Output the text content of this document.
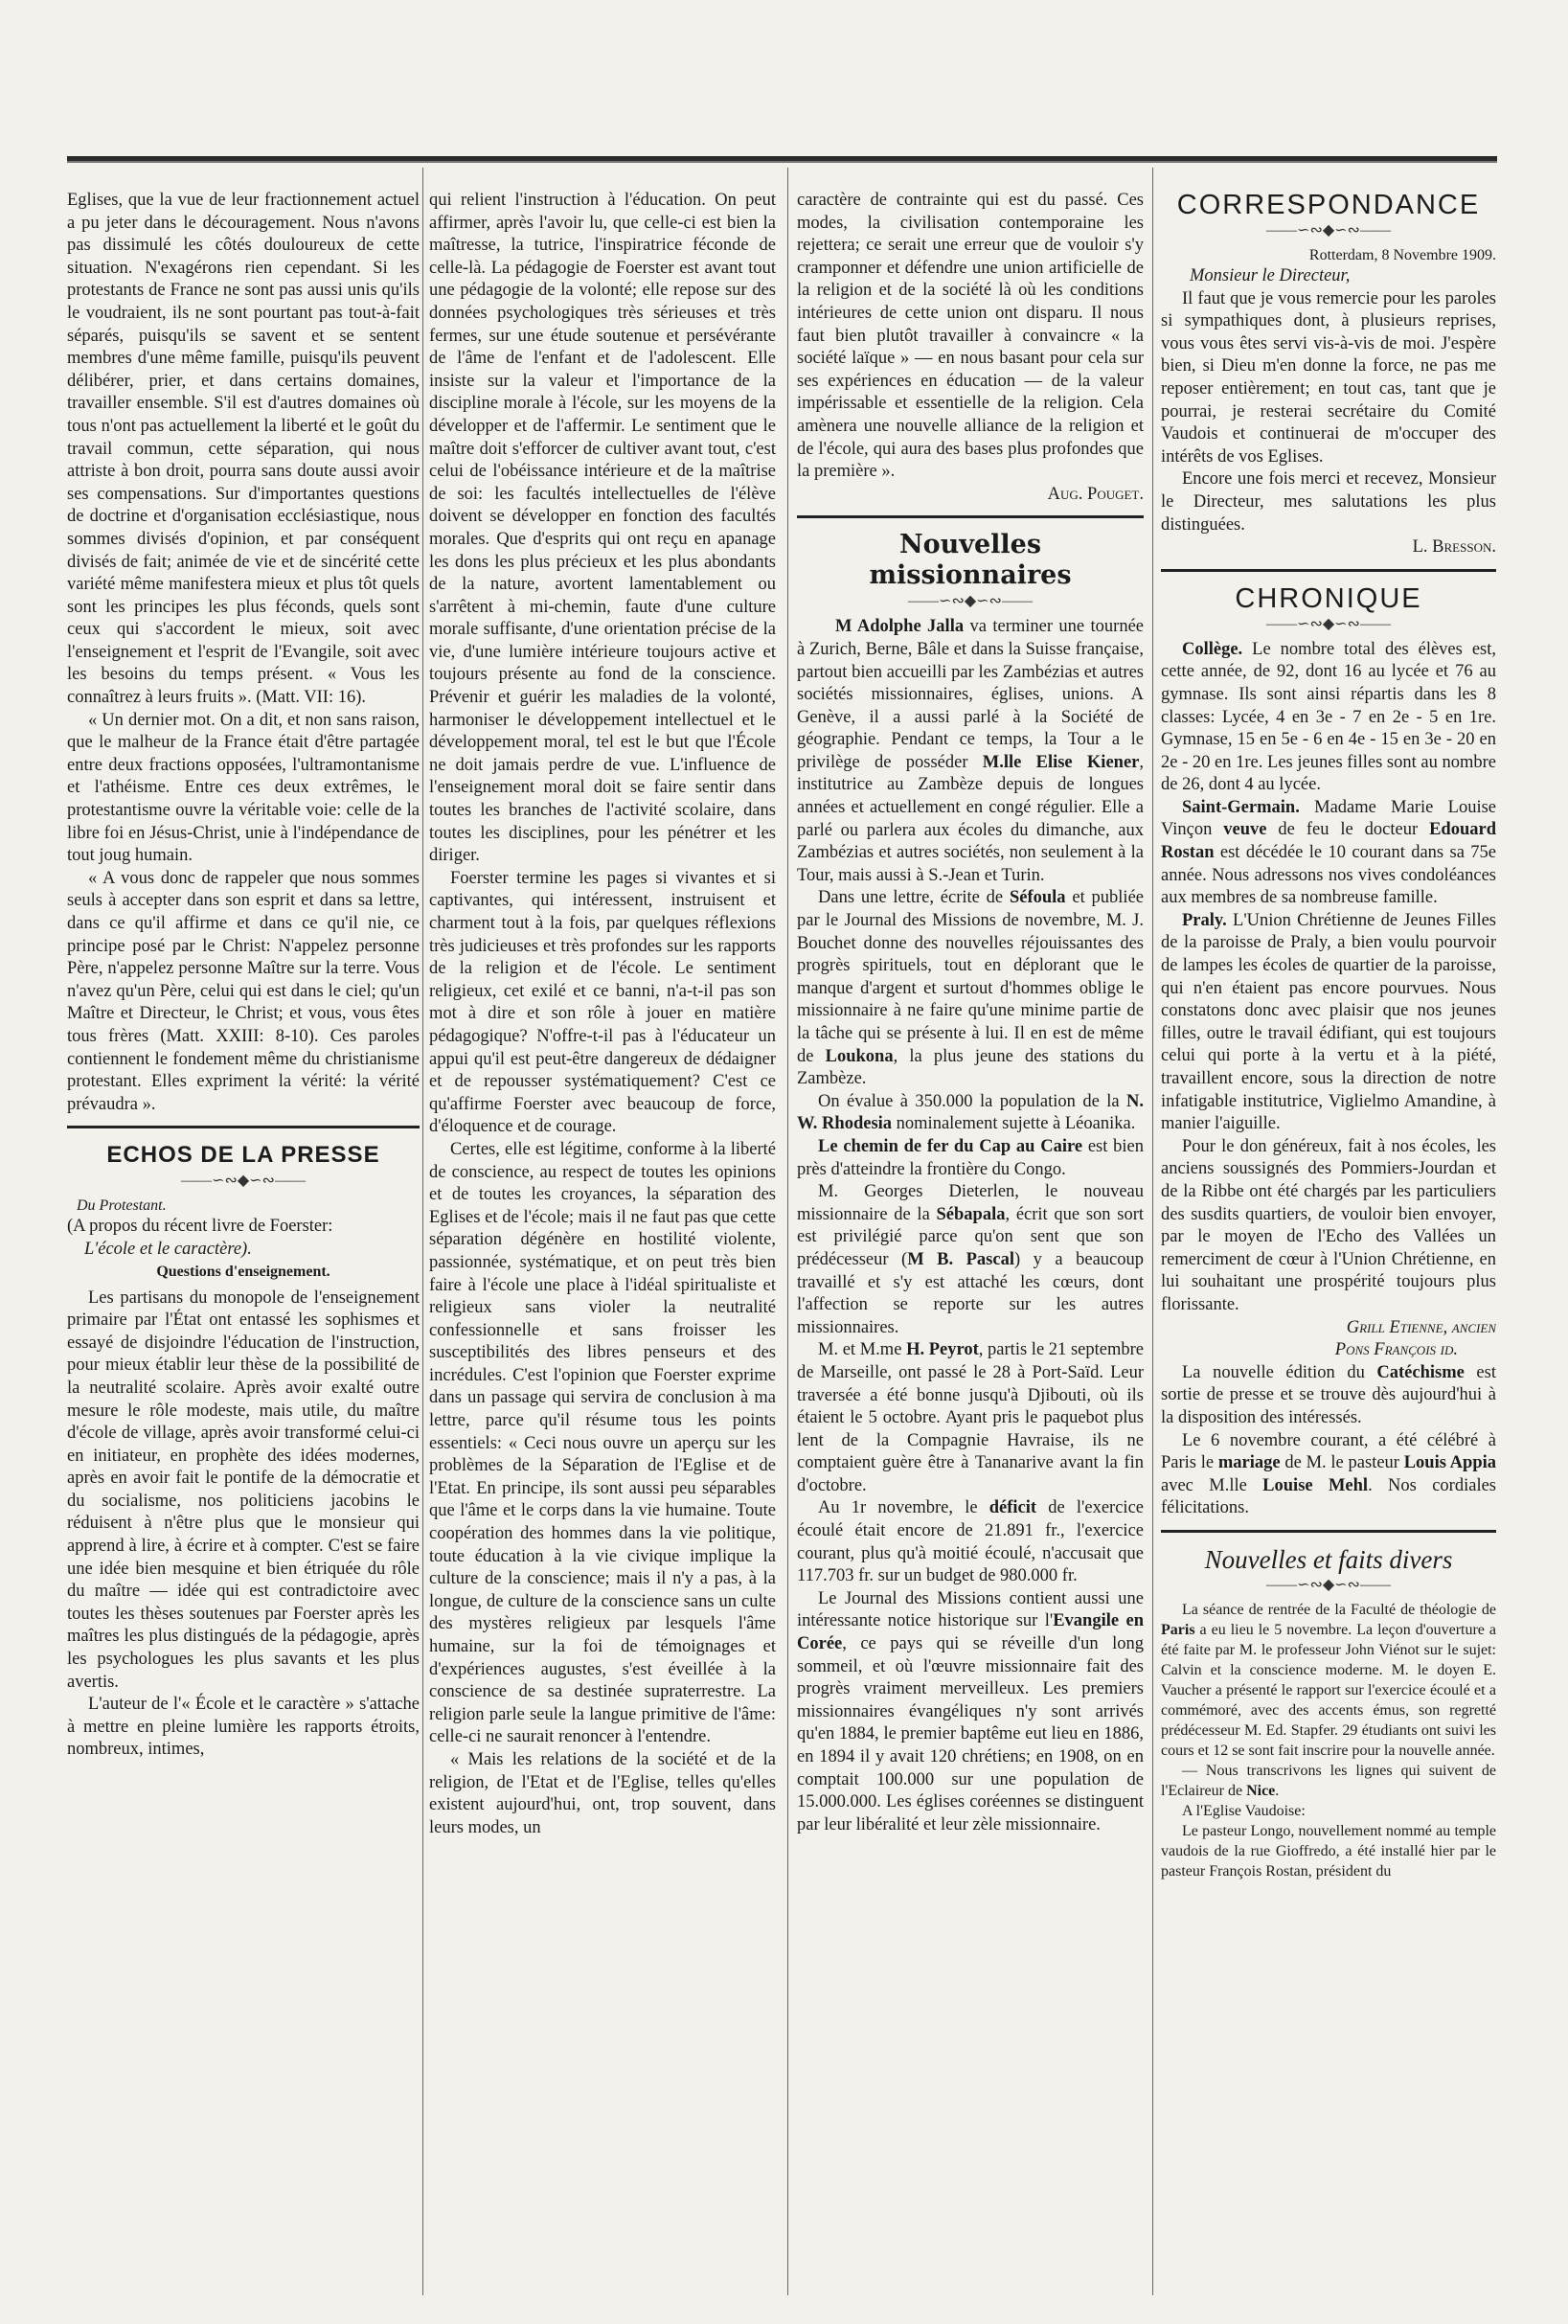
Eglises, que la vue de leur fractionnement actuel a pu jeter dans le découragement. Nous n'avons pas dissimulé les côtés douloureux de cette situation. N'exagérons rien cependant. Si les protestants de France ne sont pas aussi unis qu'ils le voudraient, ils ne sont pourtant pas tout-à-fait séparés, puisqu'ils se savent et se sentent membres d'une même famille, puisqu'ils peuvent délibérer, prier, et dans certains domaines, travailler ensemble. S'il est d'autres domaines où tous n'ont pas actuellement la liberté et le goût du travail commun, cette séparation, qui nous attriste à bon droit, pourra sans doute aussi avoir ses compensations. Sur d'importantes questions de doctrine et d'organisation ecclésiastique, nous sommes divisés d'opinion, et par conséquent divisés de fait; animée de vie et de sincérité cette variété même manifestera mieux et plus tôt quels sont les principes les plus féconds, quels sont ceux qui s'accordent le mieux, soit avec l'enseignement et l'esprit de l'Evangile, soit avec les besoins du temps présent. « Vous les connaîtrez à leurs fruits ». (Matt. VII: 16).

« Un dernier mot. On a dit, et non sans raison, que le malheur de la France était d'être partagée entre deux fractions opposées, l'ultramontanisme et l'athéisme. Entre ces deux extrêmes, le protestantisme ouvre la véritable voie: celle de la libre foi en Jésus-Christ, unie à l'indépendance de tout joug humain.

« A vous donc de rappeler que nous sommes seuls à accepter dans son esprit et dans sa lettre, dans ce qu'il affirme et dans ce qu'il nie, ce principe posé par le Christ: N'appelez personne Père, n'appelez personne Maître sur la terre. Vous n'avez qu'un Père, celui qui est dans le ciel; qu'un Maître et Directeur, le Christ; et vous, vous êtes tous frères (Matt. XXIII: 8-10). Ces paroles contiennent le fondement même du christianisme protestant. Elles expriment la vérité: la vérité prévaudra ».

ECHOS DE LA PRESSE
——∽∾◆∽∾——

Du Protestant.

(A propos du récent livre de Foerster:

L'école et le caractère).

Questions d'enseignement.

Les partisans du monopole de l'enseignement primaire par l'État ont entassé les sophismes et essayé de disjoindre l'éducation de l'instruction, pour mieux établir leur thèse de la possibilité de la neutralité scolaire. Après avoir exalté outre mesure le rôle modeste, mais utile, du maître d'école de village, après avoir transformé celui-ci en initiateur, en prophète des idées modernes, après en avoir fait le pontife de la démocratie et du socialisme, nos politiciens jacobins le réduisent à n'être plus que le monsieur qui apprend à lire, à écrire et à compter. C'est se faire une idée bien mesquine et bien étriquée du rôle du maître — idée qui est contradictoire avec toutes les thèses soutenues par Foerster après les maîtres les plus distingués de la pédagogie, après les psychologues les plus savants et les plus avertis.

L'auteur de l'« École et le caractère » s'attache à mettre en pleine lumière les rapports étroits, nombreux, intimes,

qui relient l'instruction à l'éducation. On peut affirmer, après l'avoir lu, que celle-ci est bien la maîtresse, la tutrice, l'inspiratrice féconde de celle-là. La pédagogie de Foerster est avant tout une pédagogie de la volonté; elle repose sur des données psychologiques très sérieuses et très fermes, sur une étude soutenue et persévérante de l'âme de l'enfant et de l'adolescent. Elle insiste sur la valeur et l'importance de la discipline morale à l'école, sur les moyens de la développer et de l'affermir. Le sentiment que le maître doit s'efforcer de cultiver avant tout, c'est celui de l'obéissance intérieure et de la maîtrise de soi: les facultés intellectuelles de l'élève doivent se développer en fonction des facultés morales. Que d'esprits qui ont reçu en apanage les dons les plus précieux et les plus abondants de la nature, avortent lamentablement ou s'arrêtent à mi-chemin, faute d'une culture morale suffisante, d'une orientation précise de la vie, d'une lumière intérieure toujours active et toujours présente au fond de la conscience. Prévenir et guérir les maladies de la volonté, harmoniser le développement intellectuel et le développement moral, tel est le but que l'École ne doit jamais perdre de vue. L'influence de l'enseignement moral doit se faire sentir dans toutes les branches de l'activité scolaire, dans toutes les disciplines, pour les pénétrer et les diriger.

Foerster termine les pages si vivantes et si captivantes, qui intéressent, instruisent et charment tout à la fois, par quelques réflexions très judicieuses et très profondes sur les rapports de la religion et de l'école. Le sentiment religieux, cet exilé et ce banni, n'a-t-il pas son mot à dire et son rôle à jouer en matière pédagogique? N'offre-t-il pas à l'éducateur un appui qu'il est peut-être dangereux de dédaigner et de repousser systématiquement? C'est ce qu'affirme Foerster avec beaucoup de force, d'éloquence et de courage.

Certes, elle est légitime, conforme à la liberté de conscience, au respect de toutes les opinions et de toutes les croyances, la séparation des Eglises et de l'école; mais il ne faut pas que cette séparation dégénère en hostilité violente, passionnée, systématique, et on peut très bien faire à l'école une place à l'idéal spiritualiste et religieux sans violer la neutralité confessionnelle et sans froisser les susceptibilités des libres penseurs et des incrédules. C'est l'opinion que Foerster exprime dans un passage qui servira de conclusion à ma lettre, parce qu'il résume tous les points essentiels: « Ceci nous ouvre un aperçu sur les problèmes de la Séparation de l'Eglise et de l'Etat. En principe, ils sont aussi peu séparables que l'âme et le corps dans la vie humaine. Toute coopération des hommes dans la vie politique, toute éducation à la vie civique implique la culture de la conscience; mais il n'y a pas, à la longue, de culture de la conscience sans un culte des mystères religieux par lesquels l'âme humaine, sur la foi de témoignages et d'expériences augustes, s'est éveillée à la conscience de sa destinée supraterrestre. La religion parle seule la langue primitive de l'âme: celle-ci ne saurait renoncer à l'entendre.

« Mais les relations de la société et de la religion, de l'Etat et de l'Eglise, telles qu'elles existent aujourd'hui, ont, trop souvent, dans leurs modes, un

caractère de contrainte qui est du passé. Ces modes, la civilisation contemporaine les rejettera; ce serait une erreur que de vouloir s'y cramponner et défendre une union artificielle de la religion et de la société là où les conditions intérieures de cette union ont disparu. Il nous faut bien plutôt travailler à convaincre « la société laïque » — en nous basant pour cela sur ses expériences en éducation — de la valeur impérissable et essentielle de la religion. Cela amènera une nouvelle alliance de la religion et de l'école, qui aura des bases plus profondes que la première ».

Aug. Pouget.

Nouvelles missionnaires
——∽∾◆∽∾——

M Adolphe Jalla va terminer une tournée à Zurich, Berne, Bâle et dans la Suisse française, partout bien accueilli par les Zambézias et autres sociétés missionnaires, églises, unions. A Genève, il a aussi parlé à la Société de géographie. Pendant ce temps, la Tour a le privilège de posséder M.lle Elise Kiener, institutrice au Zambèze depuis de longues années et actuellement en congé régulier. Elle a parlé ou parlera aux écoles du dimanche, aux Zambézias et autres sociétés, non seulement à la Tour, mais aussi à S.-Jean et Turin.

Dans une lettre, écrite de Séfoula et publiée par le Journal des Missions de novembre, M. J. Bouchet donne des nouvelles réjouissantes des progrès spirituels, tout en déplorant que le manque d'argent et surtout d'hommes oblige le missionnaire à ne faire qu'une minime partie de la tâche qui se présente à lui. Il en est de même de Loukona, la plus jeune des stations du Zambèze.

On évalue à 350.000 la population de la N. W. Rhodesia nominalement sujette à Léoanika.

Le chemin de fer du Cap au Caire est bien près d'atteindre la frontière du Congo.

M. Georges Dieterlen, le nouveau missionnaire de la Sébapala, écrit que son sort est privilégié parce qu'on sent que son prédécesseur (M B. Pascal) y a beaucoup travaillé et s'y est attaché les cœurs, dont l'affection se reporte sur les autres missionnaires.

M. et M.me H. Peyrot, partis le 21 septembre de Marseille, ont passé le 28 à Port-Saïd. Leur traversée a été bonne jusqu'à Djibouti, où ils étaient le 5 octobre. Ayant pris le paquebot plus lent de la Compagnie Havraise, ils ne comptaient guère être à Tananarive avant la fin d'octobre.

Au 1r novembre, le déficit de l'exercice écoulé était encore de 21.891 fr., l'exercice courant, plus qu'à moitié écoulé, n'accusait que 117.703 fr. sur un budget de 980.000 fr.

Le Journal des Missions contient aussi une intéressante notice historique sur l'Evangile en Corée, ce pays qui se réveille d'un long sommeil, et où l'œuvre missionnaire fait des progrès vraiment merveilleux. Les premiers missionnaires évangéliques n'y sont arrivés qu'en 1884, le premier baptême eut lieu en 1886, en 1894 il y avait 120 chrétiens; en 1908, on en comptait 100.000 sur une population de 15.000.000. Les églises coréennes se distinguent par leur libéralité et leur zèle missionnaire.

CORRESPONDANCE
——∽∾◆∽∾——

Rotterdam, 8 Novembre 1909.

Monsieur le Directeur,

Il faut que je vous remercie pour les paroles si sympathiques dont, à plusieurs reprises, vous vous êtes servi vis-à-vis de moi. J'espère bien, si Dieu m'en donne la force, ne pas me reposer entièrement; en tout cas, tant que je pourrai, je resterai secrétaire du Comité Vaudois et continuerai de m'occuper des intérêts de vos Eglises.

Encore une fois merci et recevez, Monsieur le Directeur, mes salutations les plus distinguées.

L. Bresson.

CHRONIQUE
——∽∾◆∽∾——

Collège. Le nombre total des élèves est, cette année, de 92, dont 16 au lycée et 76 au gymnase. Ils sont ainsi répartis dans les 8 classes: Lycée, 4 en 3e - 7 en 2e - 5 en 1re. Gymnase, 15 en 5e - 6 en 4e - 15 en 3e - 20 en 2e - 20 en 1re. Les jeunes filles sont au nombre de 26, dont 4 au lycée.

Saint-Germain. Madame Marie Louise Vinçon veuve de feu le docteur Edouard Rostan est décédée le 10 courant dans sa 75e année. Nous adressons nos vives condoléances aux membres de sa nombreuse famille.

Praly. L'Union Chrétienne de Jeunes Filles de la paroisse de Praly, a bien voulu pourvoir de lampes les écoles de quartier de la paroisse, qui n'en étaient pas encore pourvues. Nous constatons donc avec plaisir que nos jeunes filles, outre le travail édifiant, qui est toujours celui qui porte à la vertu et à la piété, travaillent encore, sous la direction de notre infatigable institutrice, Viglielmo Amandine, à manier l'aiguille.

Pour le don généreux, fait à nos écoles, les anciens soussignés des Pommiers-Jourdan et de la Ribbe ont été chargés par les particuliers des susdits quartiers, de vouloir bien envoyer, par le moyen de l'Echo des Vallées un remerciment de cœur à l'Union Chrétienne, en lui souhaitant une prospérité toujours plus florissante.

Grill Etienne, ancien

Pons François id.

La nouvelle édition du Catéchisme est sortie de presse et se trouve dès aujourd'hui à la disposition des intéressés.

Le 6 novembre courant, a été célébré à Paris le mariage de M. le pasteur Louis Appia avec M.lle Louise Mehl. Nos cordiales félicitations.

Nouvelles et faits divers
——∽∾◆∽∾——

La séance de rentrée de la Faculté de théologie de Paris a eu lieu le 5 novembre. La leçon d'ouverture a été faite par M. le professeur John Viénot sur le sujet: Calvin et la conscience moderne. M. le doyen E. Vaucher a présenté le rapport sur l'exercice écoulé et a commémoré, avec des accents émus, son regretté prédécesseur M. Ed. Stapfer. 29 étudiants ont suivi les cours et 12 se sont fait inscrire pour la nouvelle année.

— Nous transcrivons les lignes qui suivent de l'Eclaireur de Nice.

A l'Eglise Vaudoise:

Le pasteur Longo, nouvellement nommé au temple vaudois de la rue Gioffredo, a été installé hier par le pasteur François Rostan, président du
